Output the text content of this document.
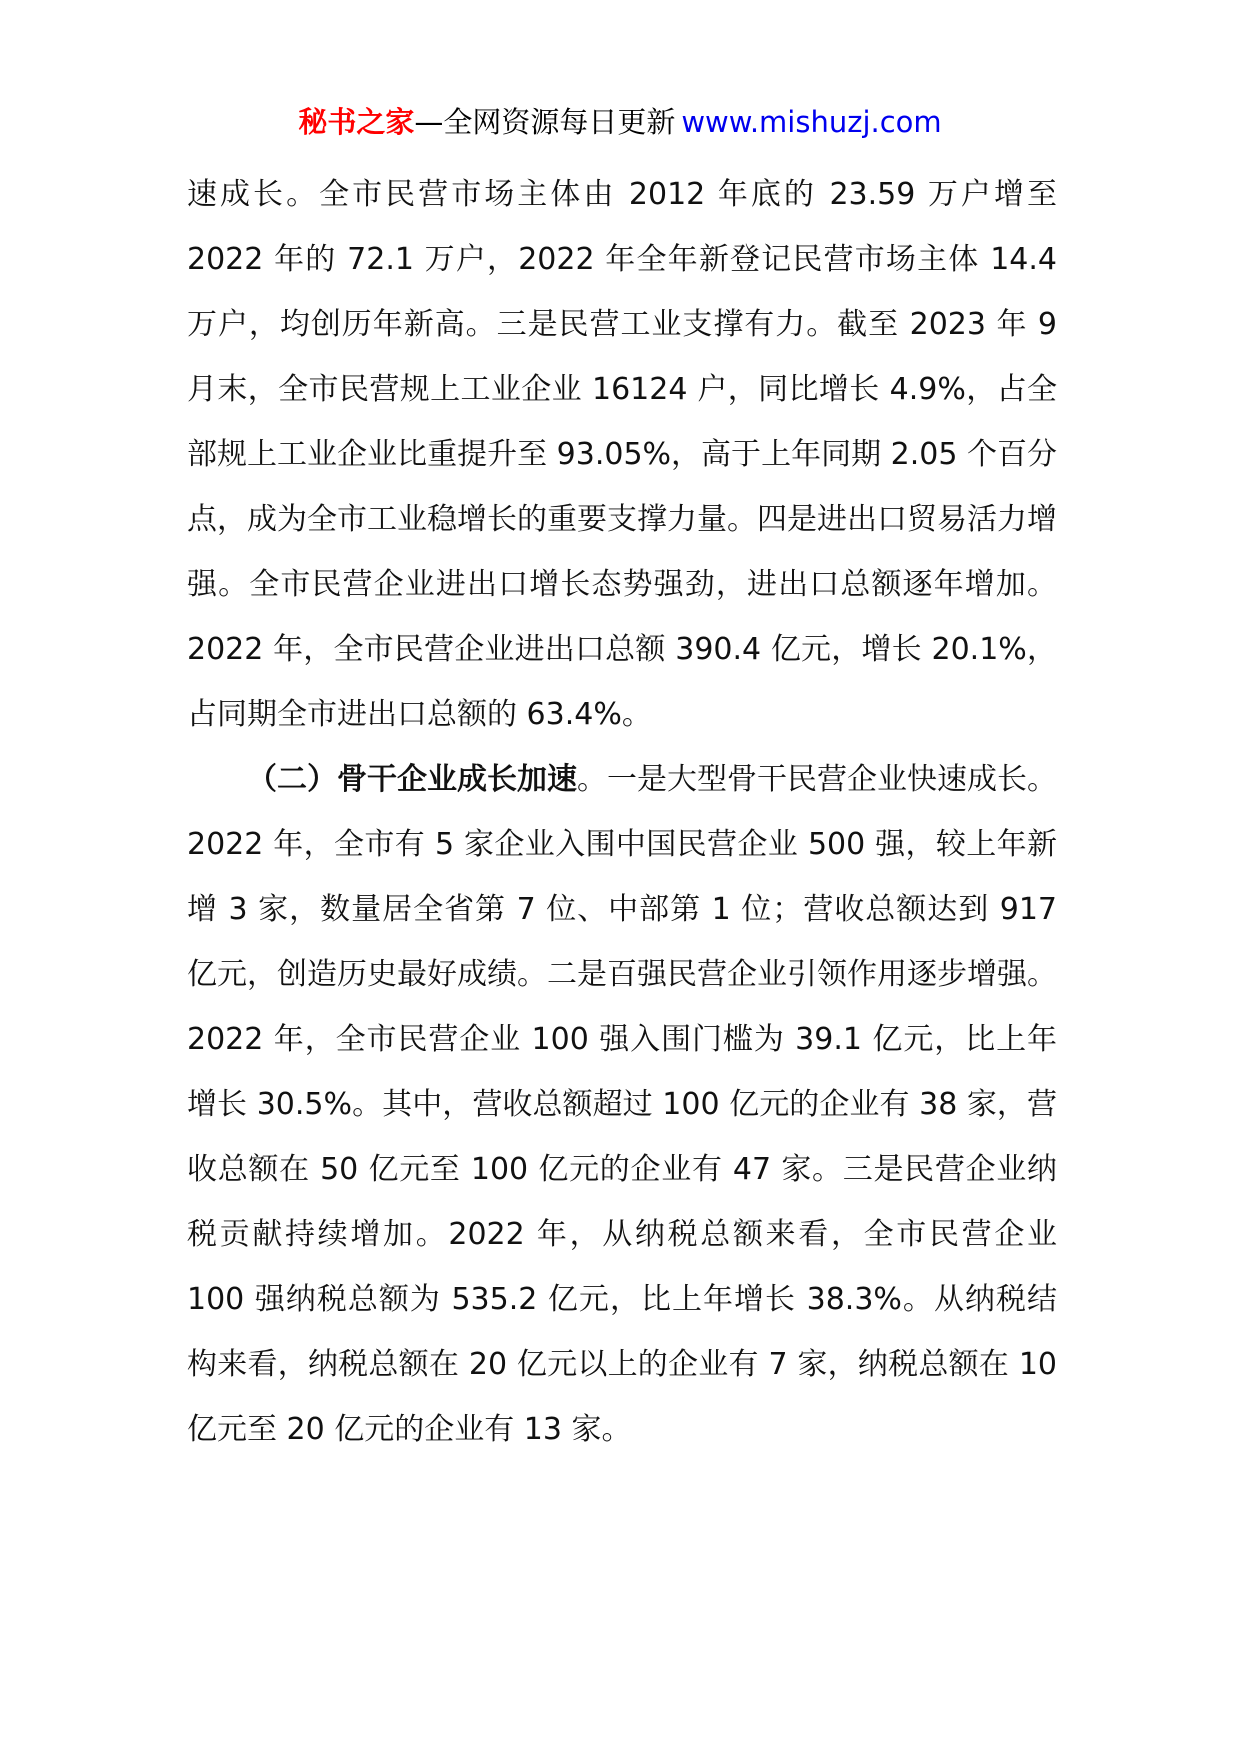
秘书之家—全网资源每日更新 www.mishuzj.com

速成长。全市民营市场主体由 2012 年底的 23.59 万户增至 2022 年的 72.1 万户，2022 年全年新登记民营市场主体 14.4 万户，均创历年新高。三是民营工业支撑有力。截至 2023 年 9 月末，全市民营规上工业企业 16124 户，同比增长 4.9%，占全部规上工业企业比重提升至 93.05%，高于上年同期 2.05 个百分点，成为全市工业稳增长的重要支撑力量。四是进出口贸易活力增强。全市民营企业进出口增长态势强劲，进出口总额逐年增加。2022 年，全市民营企业进出口总额 390.4 亿元，增长 20.1%，占同期全市进出口总额的 63.4%。

（二）骨干企业成长加速。一是大型骨干民营企业快速成长。2022 年，全市有 5 家企业入围中国民营企业 500 强，较上年新增 3 家，数量居全省第 7 位、中部第 1 位；营收总额达到 917 亿元，创造历史最好成绩。二是百强民营企业引领作用逐步增强。2022 年，全市民营企业 100 强入围门槛为 39.1 亿元，比上年增长 30.5%。其中，营收总额超过 100 亿元的企业有 38 家，营收总额在 50 亿元至 100 亿元的企业有 47 家。三是民营企业纳税贡献持续增加。2022 年，从纳税总额来看，全市民营企业 100 强纳税总额为 535.2 亿元，比上年增长 38.3%。从纳税结构来看，纳税总额在 20 亿元以上的企业有 7 家，纳税总额在 10 亿元至 20 亿元的企业有 13 家。
